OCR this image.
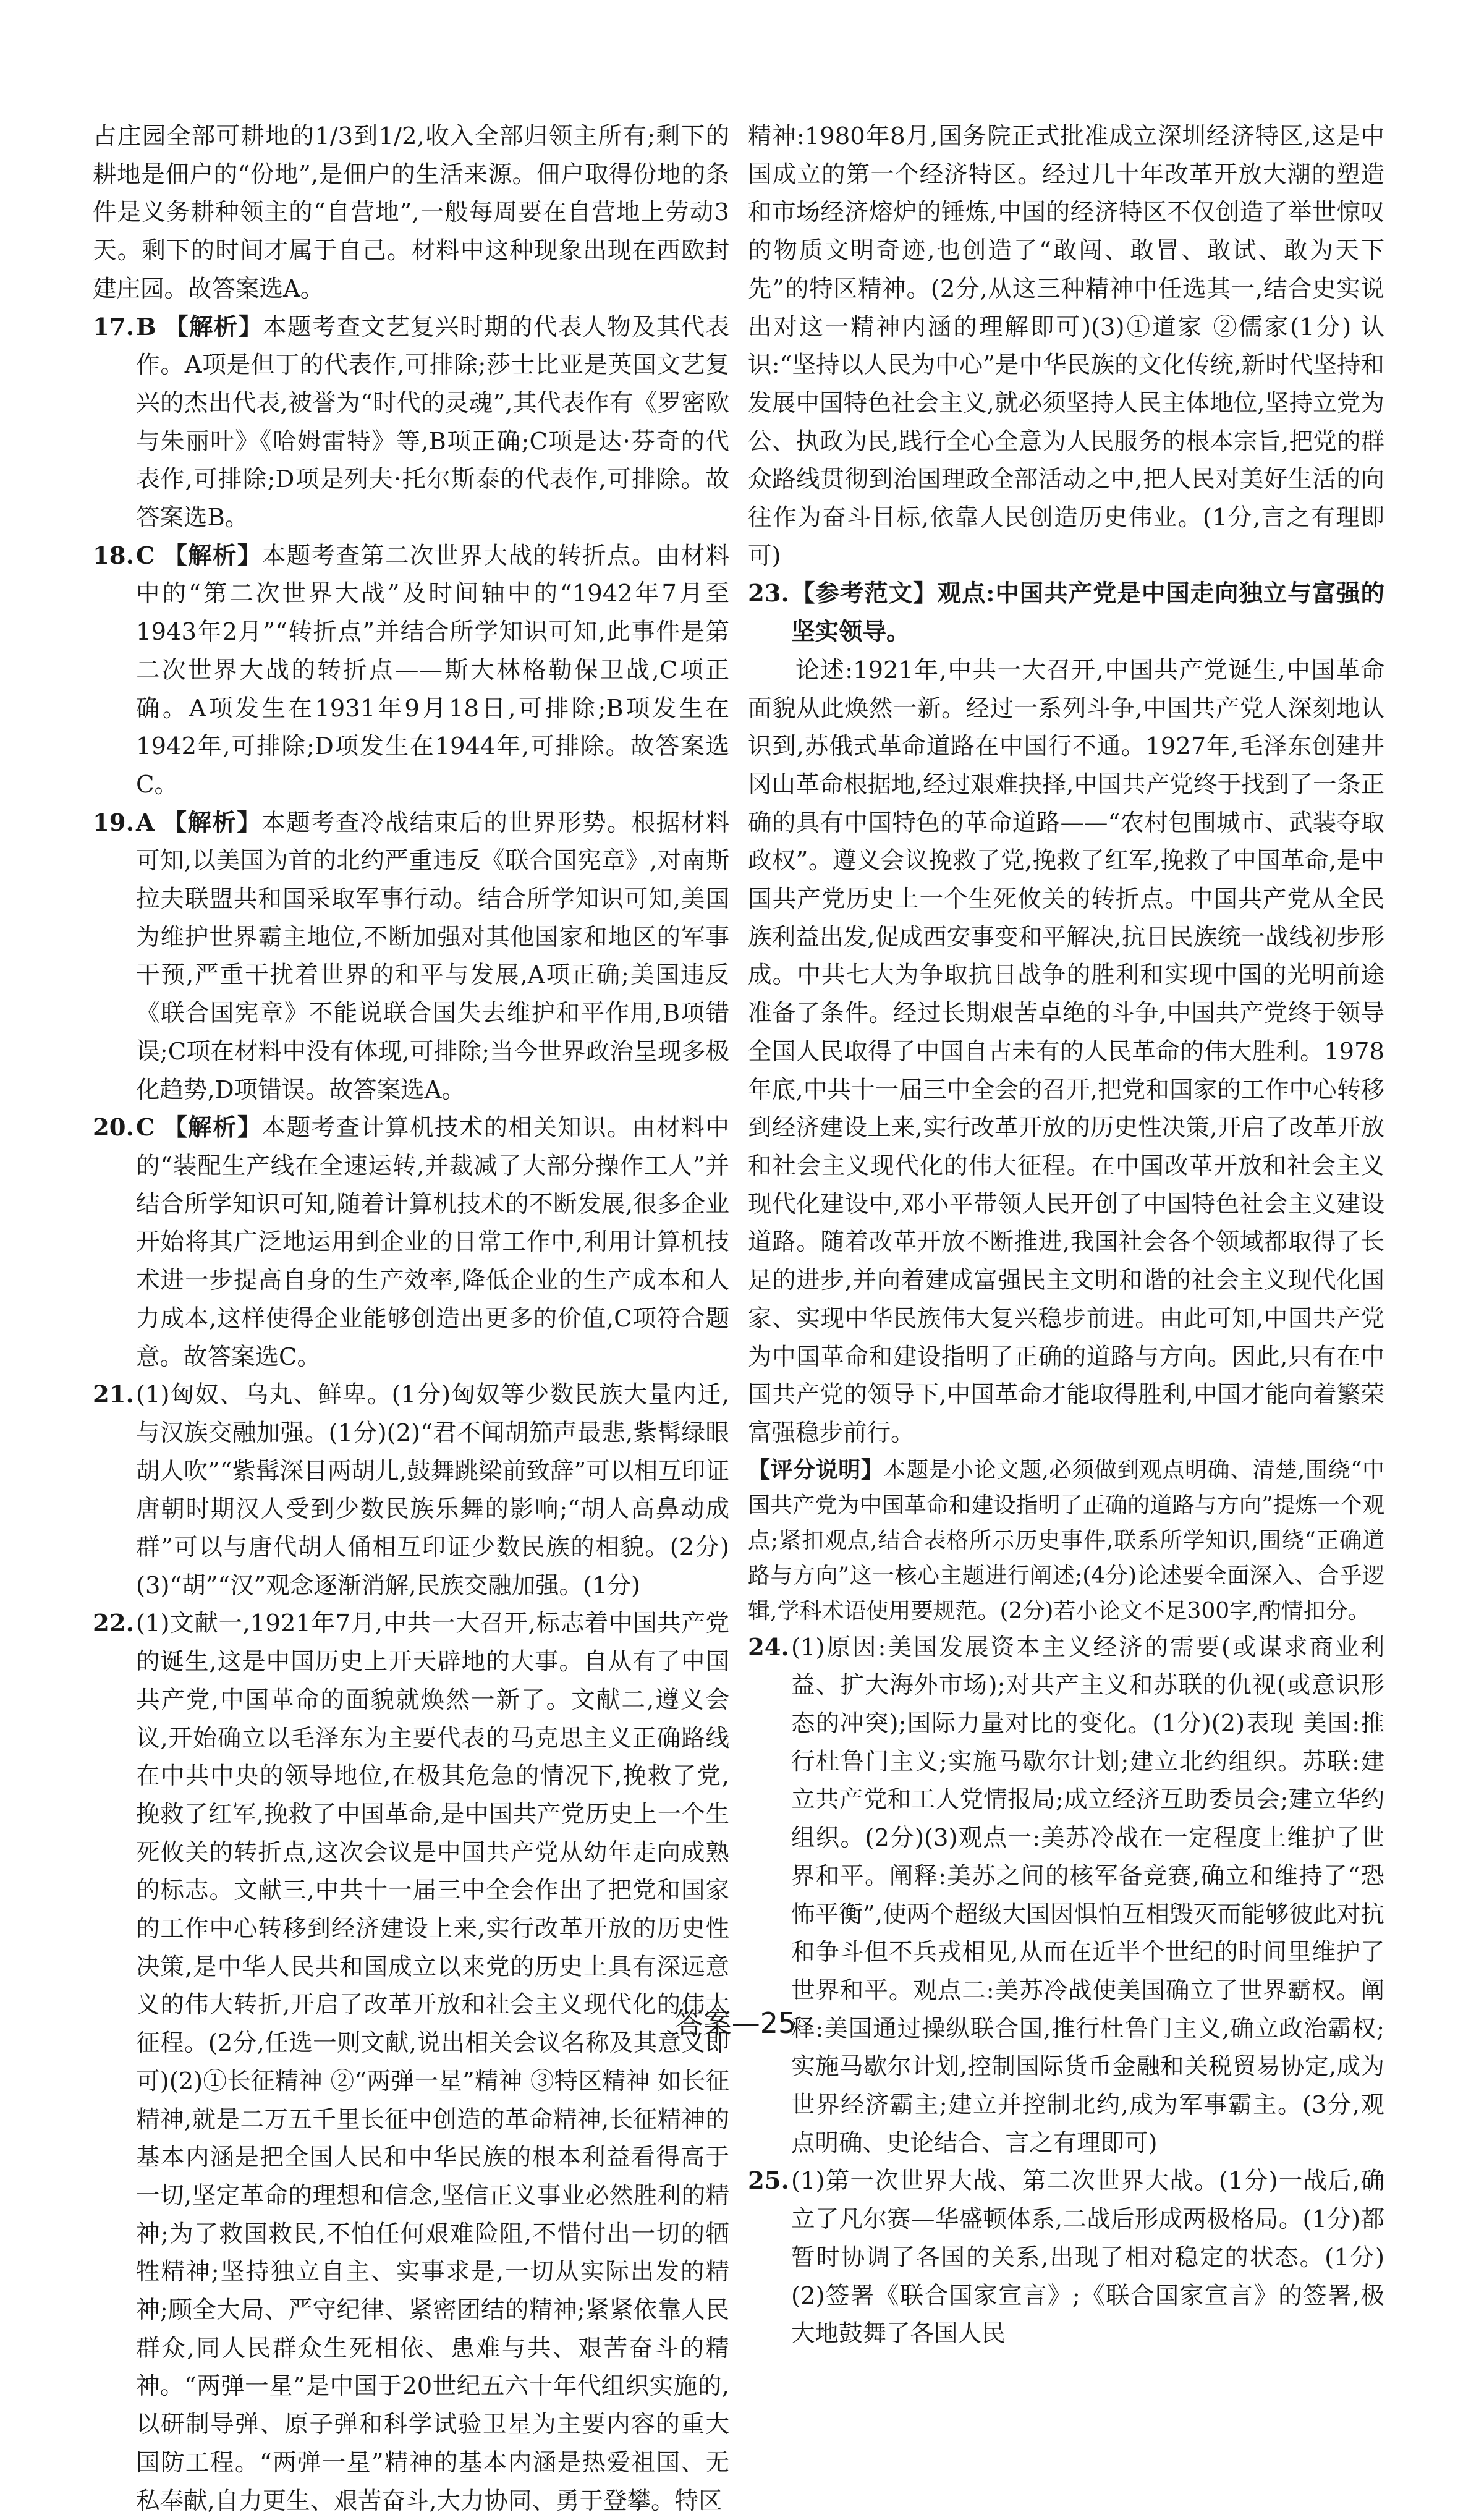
占庄园全部可耕地的1/3到1/2,收入全部归领主所有;剩下的耕地是佃户的“份地”,是佃户的生活来源。佃户取得份地的条件是义务耕种领主的“自营地”,一般每周要在自营地上劳动3天。剩下的时间才属于自己。材料中这种现象出现在西欧封建庄园。故答案选A。

17. B 【解析】本题考查文艺复兴时期的代表人物及其代表作。A项是但丁的代表作,可排除;莎士比亚是英国文艺复兴的杰出代表,被誉为“时代的灵魂”,其代表作有《罗密欧与朱丽叶》《哈姆雷特》等,B项正确;C项是达·芬奇的代表作,可排除;D项是列夫·托尔斯泰的代表作,可排除。故答案选B。
18. C 【解析】本题考查第二次世界大战的转折点。由材料中的“第二次世界大战”及时间轴中的“1942年7月至1943年2月”“转折点”并结合所学知识可知,此事件是第二次世界大战的转折点——斯大林格勒保卫战,C项正确。A项发生在1931年9月18日,可排除;B项发生在1942年,可排除;D项发生在1944年,可排除。故答案选C。
19. A 【解析】本题考查冷战结束后的世界形势。根据材料可知,以美国为首的北约严重违反《联合国宪章》,对南斯拉夫联盟共和国采取军事行动。结合所学知识可知,美国为维护世界霸主地位,不断加强对其他国家和地区的军事干预,严重干扰着世界的和平与发展,A项正确;美国违反《联合国宪章》不能说联合国失去维护和平作用,B项错误;C项在材料中没有体现,可排除;当今世界政治呈现多极化趋势,D项错误。故答案选A。
20. C 【解析】本题考查计算机技术的相关知识。由材料中的“装配生产线在全速运转,并裁减了大部分操作工人”并结合所学知识可知,随着计算机技术的不断发展,很多企业开始将其广泛地运用到企业的日常工作中,利用计算机技术进一步提高自身的生产效率,降低企业的生产成本和人力成本,这样使得企业能够创造出更多的价值,C项符合题意。故答案选C。
21. (1)匈奴、乌丸、鲜卑。(1分)匈奴等少数民族大量内迁,与汉族交融加强。(1分)(2)“君不闻胡笳声最悲,紫髯绿眼胡人吹”“紫髯深目两胡儿,鼓舞跳梁前致辞”可以相互印证唐朝时期汉人受到少数民族乐舞的影响;“胡人高鼻动成群”可以与唐代胡人俑相互印证少数民族的相貌。(2分)(3)“胡”“汉”观念逐渐消解,民族交融加强。(1分)
22. (1)文献一,1921年7月,中共一大召开,标志着中国共产党的诞生,这是中国历史上开天辟地的大事。自从有了中国共产党,中国革命的面貌就焕然一新了。文献二,遵义会议,开始确立以毛泽东为主要代表的马克思主义正确路线在中共中央的领导地位,在极其危急的情况下,挽救了党,挽救了红军,挽救了中国革命,是中国共产党历史上一个生死攸关的转折点,这次会议是中国共产党从幼年走向成熟的标志。文献三,中共十一届三中全会作出了把党和国家的工作中心转移到经济建设上来,实行改革开放的历史性决策,是中华人民共和国成立以来党的历史上具有深远意义的伟大转折,开启了改革开放和社会主义现代化的伟大征程。(2分,任选一则文献,说出相关会议名称及其意义即可)(2)①长征精神 ②“两弹一星”精神 ③特区精神 如长征精神,就是二万五千里长征中创造的革命精神,长征精神的基本内涵是把全国人民和中华民族的根本利益看得高于一切,坚定革命的理想和信念,坚信正义事业必然胜利的精神;为了救国救民,不怕任何艰难险阻,不惜付出一切的牺牲精神;坚持独立自主、实事求是,一切从实际出发的精神;顾全大局、严守纪律、紧密团结的精神;紧紧依靠人民群众,同人民群众生死相依、患难与共、艰苦奋斗的精神。“两弹一星”是中国于20世纪五六十年代组织实施的,以研制导弹、原子弹和科学试验卫星为主要内容的重大国防工程。“两弹一星”精神的基本内涵是热爱祖国、无私奉献,自力更生、艰苦奋斗,大力协同、勇于登攀。特区

精神:1980年8月,国务院正式批准成立深圳经济特区,这是中国成立的第一个经济特区。经过几十年改革开放大潮的塑造和市场经济熔炉的锤炼,中国的经济特区不仅创造了举世惊叹的物质文明奇迹,也创造了“敢闯、敢冒、敢试、敢为天下先”的特区精神。(2分,从这三种精神中任选其一,结合史实说出对这一精神内涵的理解即可)(3)①道家 ②儒家(1分) 认识:“坚持以人民为中心”是中华民族的文化传统,新时代坚持和发展中国特色社会主义,就必须坚持人民主体地位,坚持立党为公、执政为民,践行全心全意为人民服务的根本宗旨,把党的群众路线贯彻到治国理政全部活动之中,把人民对美好生活的向往作为奋斗目标,依靠人民创造历史伟业。(1分,言之有理即可)

23. 【参考范文】观点:中国共产党是中国走向独立与富强的坚实领导。

论述:1921年,中共一大召开,中国共产党诞生,中国革命面貌从此焕然一新。经过一系列斗争,中国共产党人深刻地认识到,苏俄式革命道路在中国行不通。1927年,毛泽东创建井冈山革命根据地,经过艰难抉择,中国共产党终于找到了一条正确的具有中国特色的革命道路——“农村包围城市、武装夺取政权”。遵义会议挽救了党,挽救了红军,挽救了中国革命,是中国共产党历史上一个生死攸关的转折点。中国共产党从全民族利益出发,促成西安事变和平解决,抗日民族统一战线初步形成。中共七大为争取抗日战争的胜利和实现中国的光明前途准备了条件。经过长期艰苦卓绝的斗争,中国共产党终于领导全国人民取得了中国自古未有的人民革命的伟大胜利。1978年底,中共十一届三中全会的召开,把党和国家的工作中心转移到经济建设上来,实行改革开放的历史性决策,开启了改革开放和社会主义现代化的伟大征程。在中国改革开放和社会主义现代化建设中,邓小平带领人民开创了中国特色社会主义建设道路。随着改革开放不断推进,我国社会各个领域都取得了长足的进步,并向着建成富强民主文明和谐的社会主义现代化国家、实现中华民族伟大复兴稳步前进。由此可知,中国共产党为中国革命和建设指明了正确的道路与方向。因此,只有在中国共产党的领导下,中国革命才能取得胜利,中国才能向着繁荣富强稳步前行。

【评分说明】本题是小论文题,必须做到观点明确、清楚,围绕“中国共产党为中国革命和建设指明了正确的道路与方向”提炼一个观点;紧扣观点,结合表格所示历史事件,联系所学知识,围绕“正确道路与方向”这一核心主题进行阐述;(4分)论述要全面深入、合乎逻辑,学科术语使用要规范。(2分)若小论文不足300字,酌情扣分。

24. (1)原因:美国发展资本主义经济的需要(或谋求商业利益、扩大海外市场);对共产主义和苏联的仇视(或意识形态的冲突);国际力量对比的变化。(1分)(2)表现 美国:推行杜鲁门主义;实施马歇尔计划;建立北约组织。苏联:建立共产党和工人党情报局;成立经济互助委员会;建立华约组织。(2分)(3)观点一:美苏冷战在一定程度上维护了世界和平。阐释:美苏之间的核军备竞赛,确立和维持了“恐怖平衡”,使两个超级大国因惧怕互相毁灭而能够彼此对抗和争斗但不兵戎相见,从而在近半个世纪的时间里维护了世界和平。观点二:美苏冷战使美国确立了世界霸权。阐释:美国通过操纵联合国,推行杜鲁门主义,确立政治霸权;实施马歇尔计划,控制国际货币金融和关税贸易协定,成为世界经济霸主;建立并控制北约,成为军事霸主。(3分,观点明确、史论结合、言之有理即可)
25. (1)第一次世界大战、第二次世界大战。(1分)一战后,确立了凡尔赛—华盛顿体系,二战后形成两极格局。(1分)都暂时协调了各国的关系,出现了相对稳定的状态。(1分)(2)签署《联合国家宣言》;《联合国家宣言》的签署,极大地鼓舞了各国人民
答案—25
